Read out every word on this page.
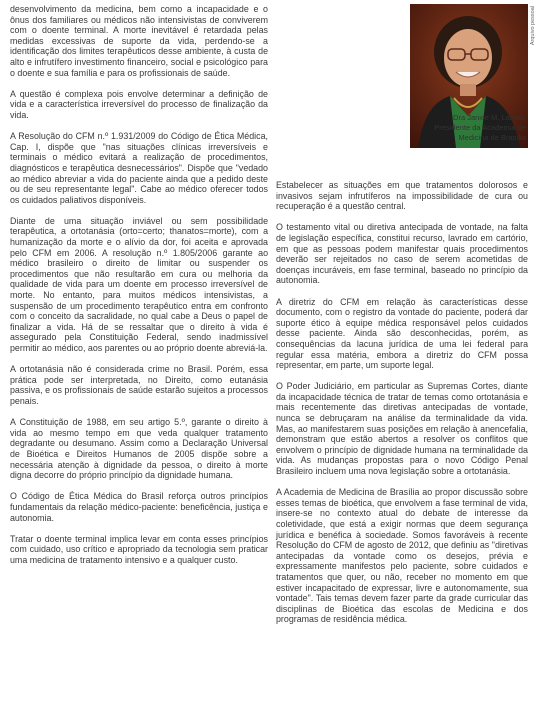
desenvolvimento da medicina, bem como a incapacidade e o ônus dos familiares ou médicos não intensivistas de conviverem com o doente terminal. A morte inevitável é retardada pelas medidas excessivas de suporte da vida, perdendo-se a identificação dos limites terapêuticos desse ambiente, à custa de alto e infrutífero investimento financeiro, social e psicológico para o doente e sua família e para os profissionais de saúde.

A questão é complexa pois envolve determinar a definição de vida e a característica irreversível do processo de finalização da vida.

A Resolução do CFM n.º 1.931/2009 do Código de Ética Médica, Cap. I, dispõe que "nas situações clínicas irreversíveis e terminais o médico evitará a realização de procedimentos, diagnósticos e terapêutica desnecessários". Dispõe que "vedado ao médico abreviar a vida do paciente ainda que a pedido deste ou de seu representante legal". Cabe ao médico oferecer todos os cuidados paliativos disponíveis.

Diante de uma situação inviável ou sem possibilidade terapêutica, a ortotanásia (orto=certo; thanatos=morte), com a humanização da morte e o alívio da dor, foi aceita e aprovada pelo CFM em 2006. A resolução n.º 1.805/2006 garante ao médico brasileiro o direito de limitar ou suspender os procedimentos que não resultarão em cura ou melhoria da qualidade de vida para um doente em processo irreversível de morte. No entanto, para muitos médicos intensivistas, a suspensão de um procedimento terapêutico entra em confronto com o conceito da sacralidade, no qual cabe a Deus o papel de finalizar a vida. Há de se ressaltar que o direito à vida é assegurado pela Constituição Federal, sendo inadmissível permitir ao médico, aos parentes ou ao próprio doente abreviá-la.

A ortotanásia não é considerada crime no Brasil. Porém, essa prática pode ser interpretada, no Direito, como eutanásia passiva, e os profissionais de saúde estarão sujeitos a processos penais.

A Constituição de 1988, em seu artigo 5.º, garante o direito à vida ao mesmo tempo em que veda qualquer tratamento degradante ou desumano. Assim como a Declaração Universal de Bioética e Direitos Humanos de 2005 dispõe sobre a necessária atenção à dignidade da pessoa, o direito à morte digna decorre do próprio princípio da dignidade humana.

O Código de Ética Médica do Brasil reforça outros princípios fundamentais da relação médico-paciente: beneficência, justiça e autonomia.

Tratar o doente terminal implica levar em conta esses princípios com cuidado, uso crítico e apropriado da tecnologia sem praticar uma medicina de tratamento intensivo e a qualquer custo.

Arquivo pessoal
Dra Janice M. Lamas,
Presidente da Academia de
Medicina de Brasília

Estabelecer as situações em que tratamentos dolorosos e invasivos sejam infrutíferos na impossibilidade de cura ou recuperação é a questão central.

O testamento vital ou diretiva antecipada de vontade, na falta de legislação específica, constitui recurso, lavrado em cartório, em que as pessoas podem manifestar quais procedimentos deverão ser rejeitados no caso de serem acometidas de doenças incuráveis, em fase terminal, baseado no princípio da autonomia.

A diretriz do CFM em relação às características desse documento, com o registro da vontade do paciente, poderá dar suporte ético à equipe médica responsável pelos cuidados desse paciente. Ainda são desconhecidas, porém, as consequências da lacuna jurídica de uma lei federal para regular essa matéria, embora a diretriz do CFM possa representar, em parte, um suporte legal.

O Poder Judiciário, em particular as Supremas Cortes, diante da incapacidade técnica de tratar de temas como ortotanásia e mais recentemente das diretivas antecipadas de vontade, nunca se debruçaram na análise da terminalidade da vida. Mas, ao manifestarem suas posições em relação à anencefalia, demonstram que estão abertos a resolver os conflitos que envolvem o princípio de dignidade humana na terminalidade da vida. As mudanças propostas para o novo Código Penal Brasileiro incluem uma nova legislação sobre a ortotanásia.

A Academia de Medicina de Brasília ao propor discussão sobre esses temas de bioética, que envolvem a fase terminal de vida, insere-se no contexto atual do debate de interesse da coletividade, que está a exigir normas que deem segurança jurídica e benéfica à sociedade. Somos favoráveis à recente Resolução do CFM de agosto de 2012, que definiu as "diretivas antecipadas da vontade como os desejos, prévia e expressamente manifestos pelo paciente, sobre cuidados e tratamentos que quer, ou não, receber no momento em que estiver incapacitado de expressar, livre e autonomamente, sua vontade". Tais temas devem fazer parte da grade curricular das disciplinas de Bioética das escolas de Medicina e dos programas de residência médica.
